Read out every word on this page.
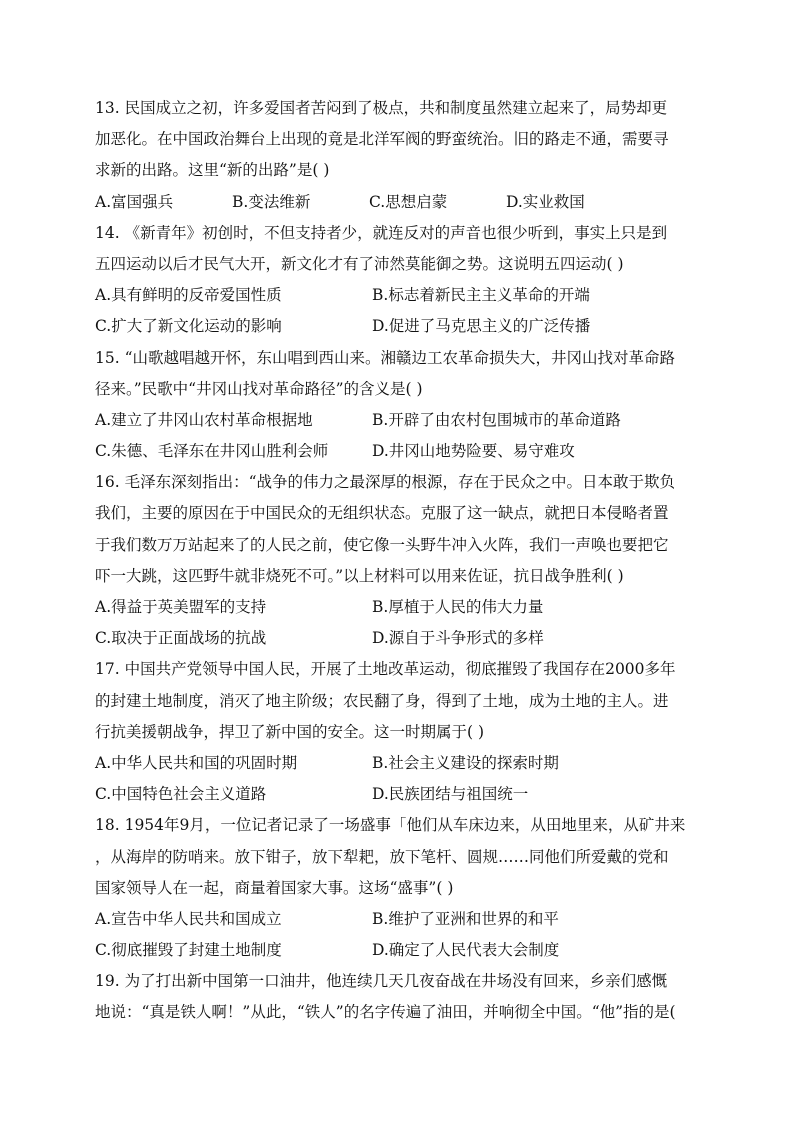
13. 民国成立之初，许多爱国者苦闷到了极点，共和制度虽然建立起来了，局势却更
加恶化。在中国政治舞台上出现的竟是北洋军阀的野蛮统治。旧的路走不通，需要寻
求新的出路。这里“新的出路”是( )
A.富国强兵	B.变法维新	C.思想启蒙	D.实业救国
14. 《新青年》初创时，不但支持者少，就连反对的声音也很少听到，事实上只是到
五四运动以后才民气大开，新文化才有了沛然莫能御之势。这说明五四运动( )
A.具有鲜明的反帝爱国性质	B.标志着新民主主义革命的开端
C.扩大了新文化运动的影响	D.促进了马克思主义的广泛传播
15. “山歌越唱越开怀，东山唱到西山来。湘赣边工农革命损失大，井冈山找对革命路
径来。”民歌中“井冈山找对革命路径”的含义是( )
A.建立了井冈山农村革命根据地	B.开辟了由农村包围城市的革命道路
C.朱德、毛泽东在井冈山胜利会师	D.井冈山地势险要、易守难攻
16. 毛泽东深刻指出：“战争的伟力之最深厚的根源，存在于民众之中。日本敢于欺负
我们，主要的原因在于中国民众的无组织状态。克服了这一缺点，就把日本侵略者置
于我们数万万站起来了的人民之前，使它像一头野牛冲入火阵，我们一声唤也要把它
吓一大跳，这匹野牛就非烧死不可。”以上材料可以用来佐证，抗日战争胜利( )
A.得益于英美盟军的支持	B.厚植于人民的伟大力量
C.取决于正面战场的抗战	D.源自于斗争形式的多样
17. 中国共产党领导中国人民，开展了土地改革运动，彻底摧毁了我国存在2000多年
的封建土地制度，消灭了地主阶级；农民翻了身，得到了土地，成为土地的主人。进
行抗美援朝战争，捍卫了新中国的安全。这一时期属于( )
A.中华人民共和国的巩固时期	B.社会主义建设的探索时期
C.中国特色社会主义道路	D.民族团结与祖国统一
18. 1954年9月，一位记者记录了一场盛事「他们从车床边来，从田地里来，从矿井来
，从海岸的防哨来。放下钳子，放下犁耙，放下笔杆、圆规……同他们所爱戴的党和
国家领导人在一起，商量着国家大事。这场“盛事”( )
A.宣告中华人民共和国成立	B.维护了亚洲和世界的和平
C.彻底摧毁了封建土地制度	D.确定了人民代表大会制度
19. 为了打出新中国第一口油井，他连续几天几夜奋战在井场没有回来，乡亲们感慨
地说：“真是铁人啊！”从此，“铁人”的名字传遍了油田，并响彻全中国。“他”指的是(
